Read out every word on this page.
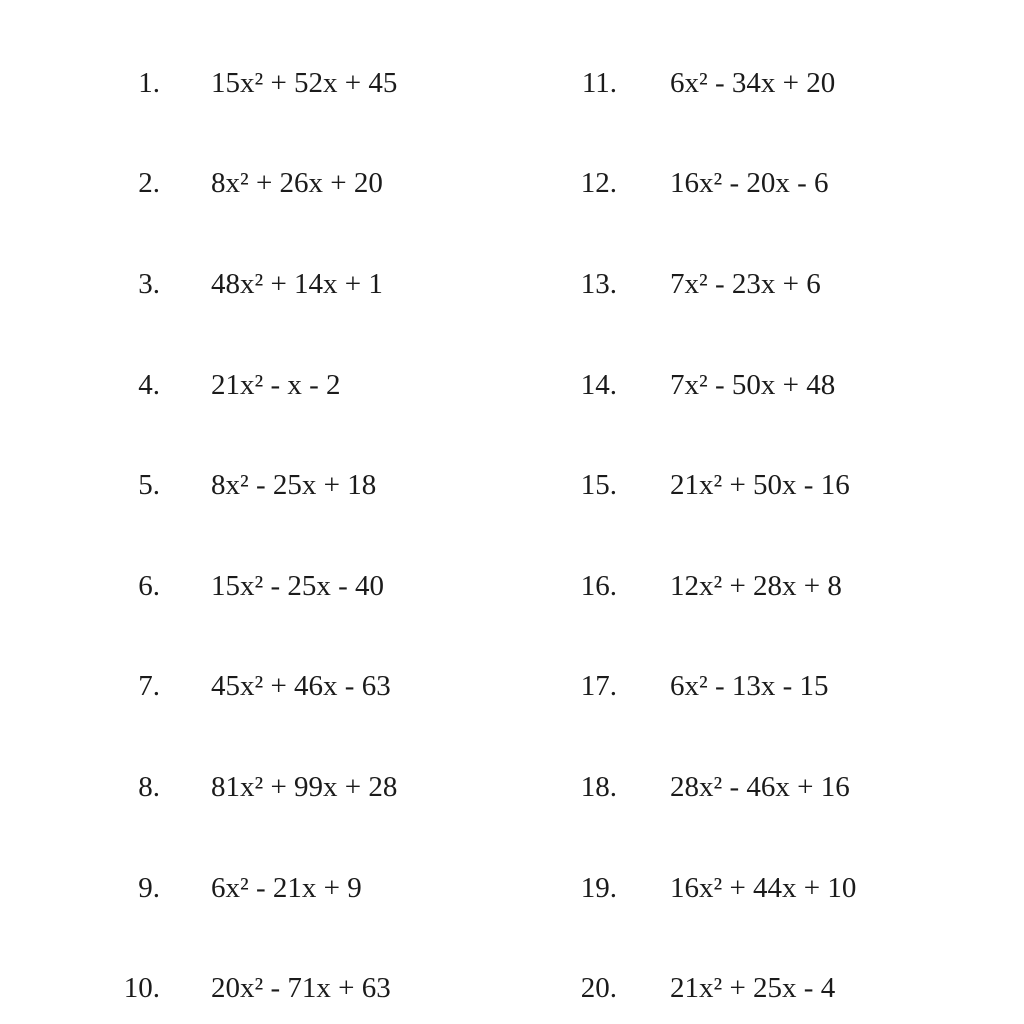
1. 15x² + 52x + 45
2. 8x² + 26x + 20
3. 48x² + 14x + 1
4. 21x² - x - 2
5. 8x² - 25x + 18
6. 15x² - 25x - 40
7. 45x² + 46x - 63
8. 81x² + 99x + 28
9. 6x² - 21x + 9
10. 20x² - 71x + 63
11. 6x² - 34x + 20
12. 16x² - 20x - 6
13. 7x² - 23x + 6
14. 7x² - 50x + 48
15. 21x² + 50x - 16
16. 12x² + 28x + 8
17. 6x² - 13x - 15
18. 28x² - 46x + 16
19. 16x² + 44x + 10
20. 21x² + 25x - 4
